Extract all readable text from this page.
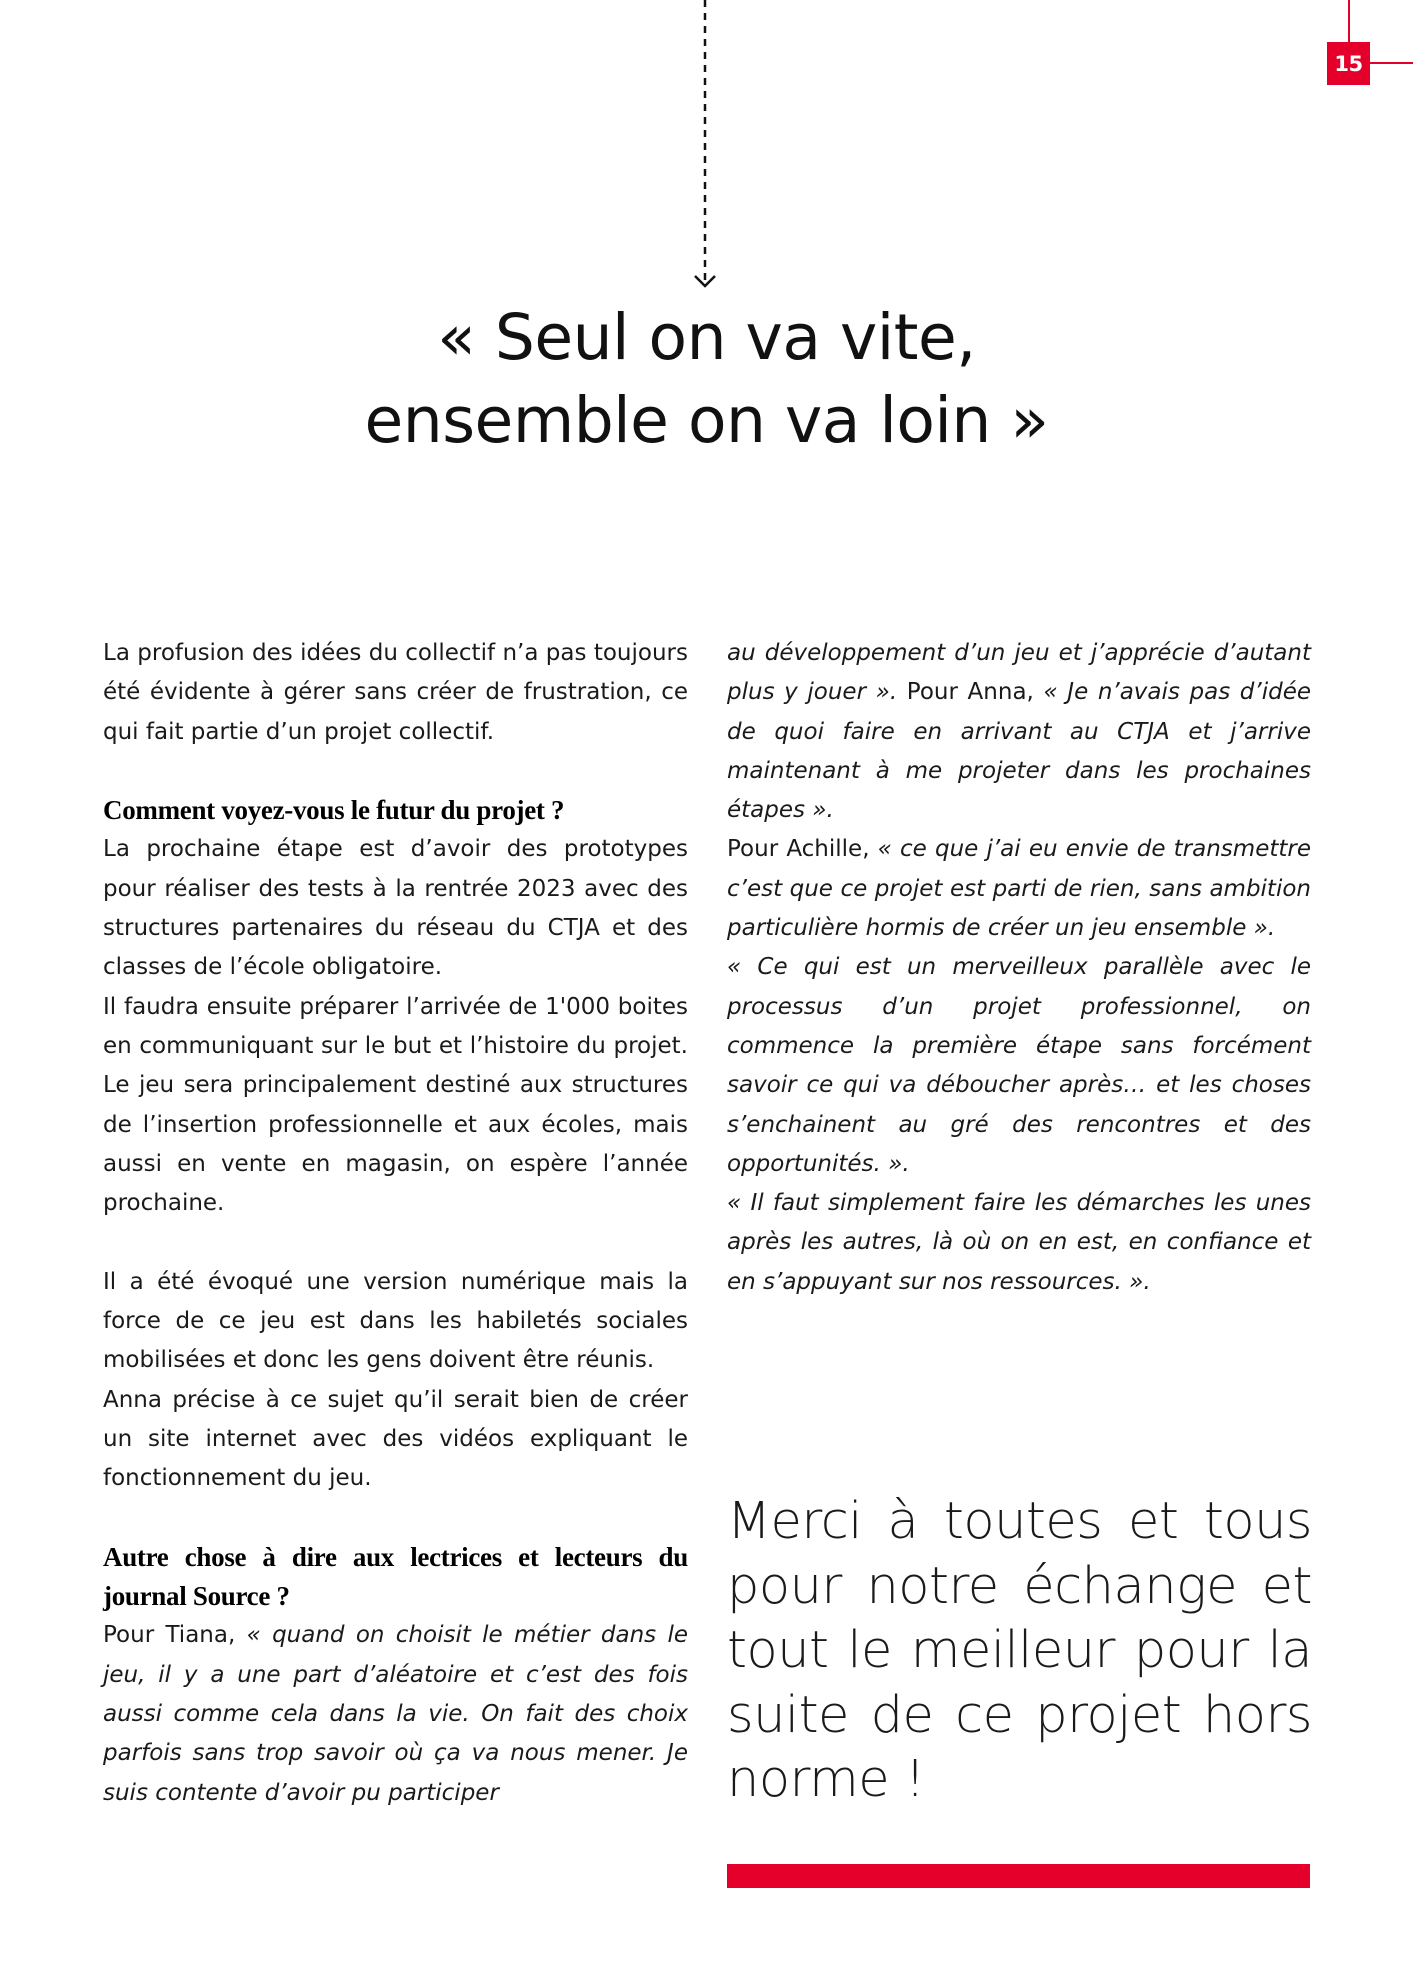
15
« Seul on va vite,
ensemble on va loin »

La profusion des idées du collectif n’a pas toujours été évidente à gérer sans créer de frustration, ce qui fait partie d’un projet collectif.

Comment voyez-vous le futur du projet ?

La prochaine étape est d’avoir des prototypes pour réaliser des tests à la rentrée 2023 avec des structures partenaires du réseau du CTJA et des classes de l’école obligatoire.

Il faudra ensuite préparer l’arrivée de 1'000 boites en communiquant sur le but et l’histoire du projet. Le jeu sera principalement destiné aux structures de l’insertion professionnelle et aux écoles, mais aussi en vente en magasin, on espère l’année prochaine.

Il a été évoqué une version numérique mais la force de ce jeu est dans les habiletés sociales mobilisées et donc les gens doivent être réunis.

Anna précise à ce sujet qu’il serait bien de créer un site internet avec des vidéos expliquant le fonctionnement du jeu.

Autre chose à dire aux lectrices et lecteurs du journal Source ?

Pour Tiana, « quand on choisit le métier dans le jeu, il y a une part d’aléatoire et c’est des fois aussi comme cela dans la vie. On fait des choix parfois sans trop savoir où ça va nous mener. Je suis contente d’avoir pu participer

au développement d’un jeu et j’apprécie d’autant plus y jouer ». Pour Anna, « Je n’avais pas d’idée de quoi faire en arrivant au CTJA et j’arrive maintenant à me projeter dans les prochaines étapes ».

Pour Achille, « ce que j’ai eu envie de transmettre c’est que ce projet est parti de rien, sans ambition particulière hormis de créer un jeu ensemble ».

« Ce qui est un merveilleux parallèle avec le processus d’un projet professionnel, on commence la première étape sans forcément savoir ce qui va déboucher après… et les choses s’enchainent au gré des rencontres et des opportunités. ».

« Il faut simplement faire les démarches les unes après les autres, là où on en est, en confiance et en s’appuyant sur nos ressources. ».

Merci à toutes et tous pour notre échange et tout le meilleur pour la suite de ce projet hors norme !
